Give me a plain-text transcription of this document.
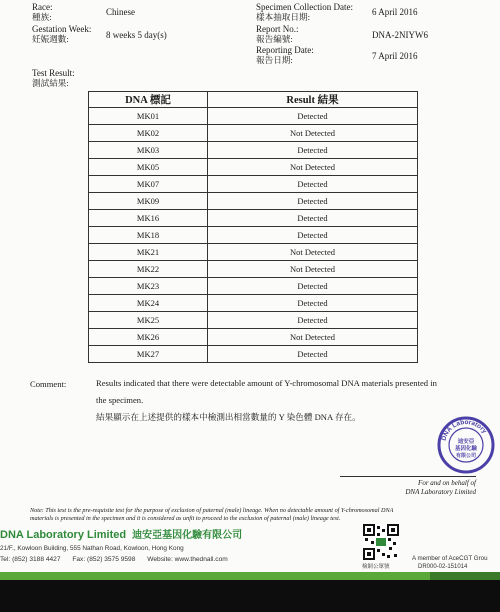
Race:
種族:	Chinese
Gestation Week:
妊娠週數:	8 weeks 5 day(s)
Specimen Collection Date:
樣本抽取日期:	6 April 2016
Report No.:
報告編號:	DNA-2NIYW6
Reporting Date:
報告日期:	7 April 2016
Test Result:
測試結果:
DNA 標記	Result 結果
MK01	Detected
MK02	Not Detected
MK03	Detected
MK05	Not Detected
MK07	Detected
MK09	Detected
MK16	Detected
MK18	Detected
MK21	Not Detected
MK22	Not Detected
MK23	Detected
MK24	Detected
MK25	Detected
MK26	Not Detected
MK27	Detected
Comment:	Results indicated that there were detectable amount of Y-chromosomal DNA materials presented in
the specimen.
結果顯示在上述提供的樣本中檢測出相當數量的 Y 染色體 DNA 存在。
DNA Laboratory
迪安亞
基因化驗
有限公司
For and on behalf of
DNA Laboratory Limited
Note: This test is the pre-requisite test for the purpose of exclusion of paternal (male) lineage. When no detectable amount of Y-chromosomal DNA
materials is presented in the specimen and it is considered as unfit to proceed to the exclusion of paternal (male) lineage test.
DNA Laboratory Limited 迪安亞基因化驗有限公司
21/F., Kowloon Building, 555 Nathan Road, Kowloon, Hong Kong
Tel: (852) 3188 4427 Fax: (852) 3575 9598 Website: www.thednall.com
檢網公眾號
A member of AceCGT Grou
DR000-02-151014
